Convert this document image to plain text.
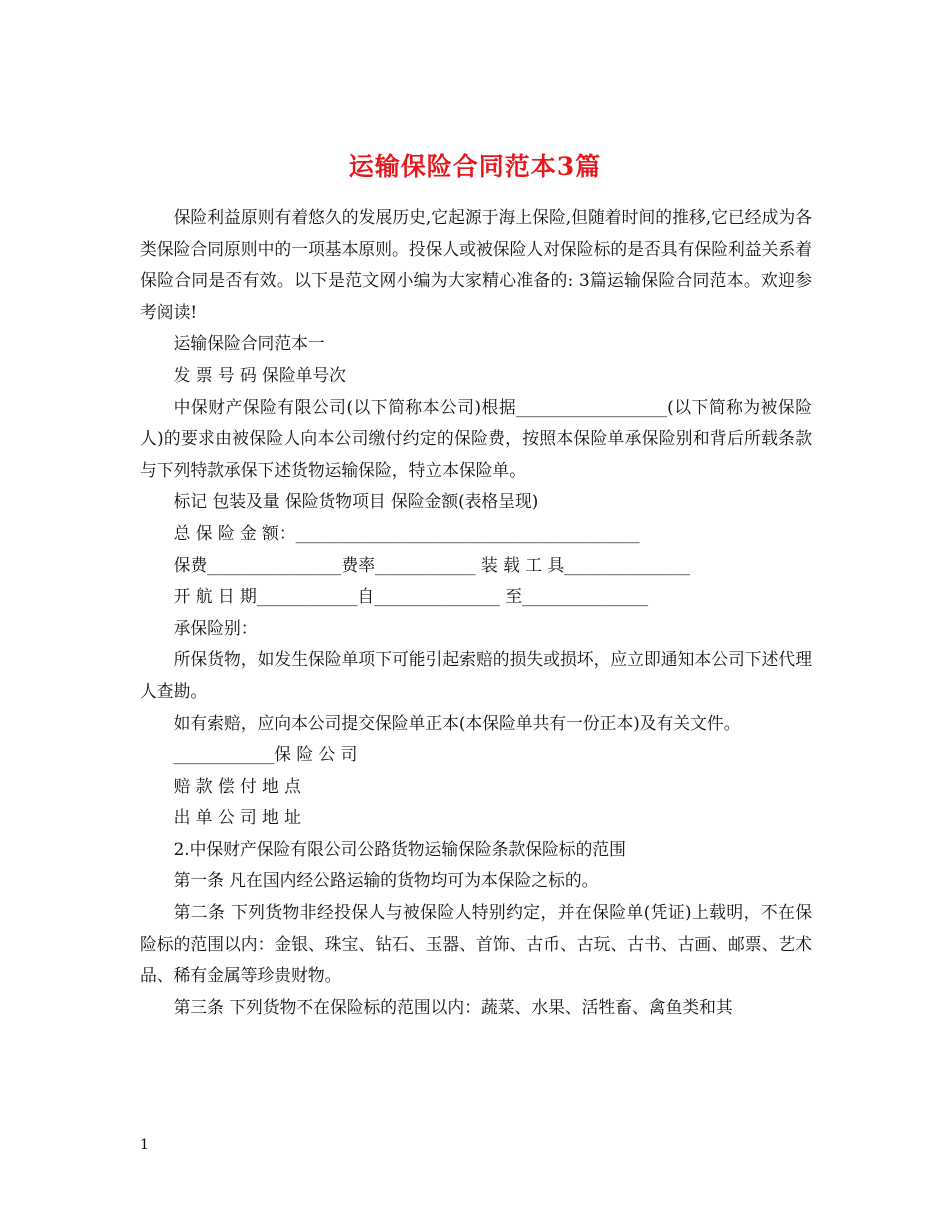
运输保险合同范本3篇

保险利益原则有着悠久的发展历史,它起源于海上保险,但随着时间的推移,它已经成为各类保险合同原则中的一项基本原则。投保人或被保险人对保险标的是否具有保险利益关系着保险合同是否有效。以下是范文网小编为大家精心准备的: 3篇运输保险合同范本。欢迎参考阅读!

运输保险合同范本一

发 票 号 码 保险单号次

中保财产保险有限公司(以下简称本公司)根据__________________(以下简称为被保险人)的要求由被保险人向本公司缴付约定的保险费，按照本保险单承保险别和背后所载条款与下列特款承保下述货物运输保险，特立本保险单。

标记 包装及量 保险货物项目 保险金额(表格呈现)

总 保 险 金 额：_________________________________________

保费________________费率____________ 装 载 工 具_______________

开 航 日 期____________自_______________ 至_______________

承保险别：

所保货物，如发生保险单项下可能引起索赔的损失或损坏，应立即通知本公司下述代理人查勘。

如有索赔，应向本公司提交保险单正本(本保险单共有一份正本)及有关文件。

____________保 险 公 司

赔 款 偿 付 地 点

出 单 公 司 地 址

2.中保财产保险有限公司公路货物运输保险条款保险标的范围

第一条 凡在国内经公路运输的货物均可为本保险之标的。

第二条 下列货物非经投保人与被保险人特别约定，并在保险单(凭证)上载明，不在保险标的范围以内：金银、珠宝、钻石、玉器、首饰、古币、古玩、古书、古画、邮票、艺术品、稀有金属等珍贵财物。

第三条 下列货物不在保险标的范围以内：蔬菜、水果、活牲畜、禽鱼类和其

1
